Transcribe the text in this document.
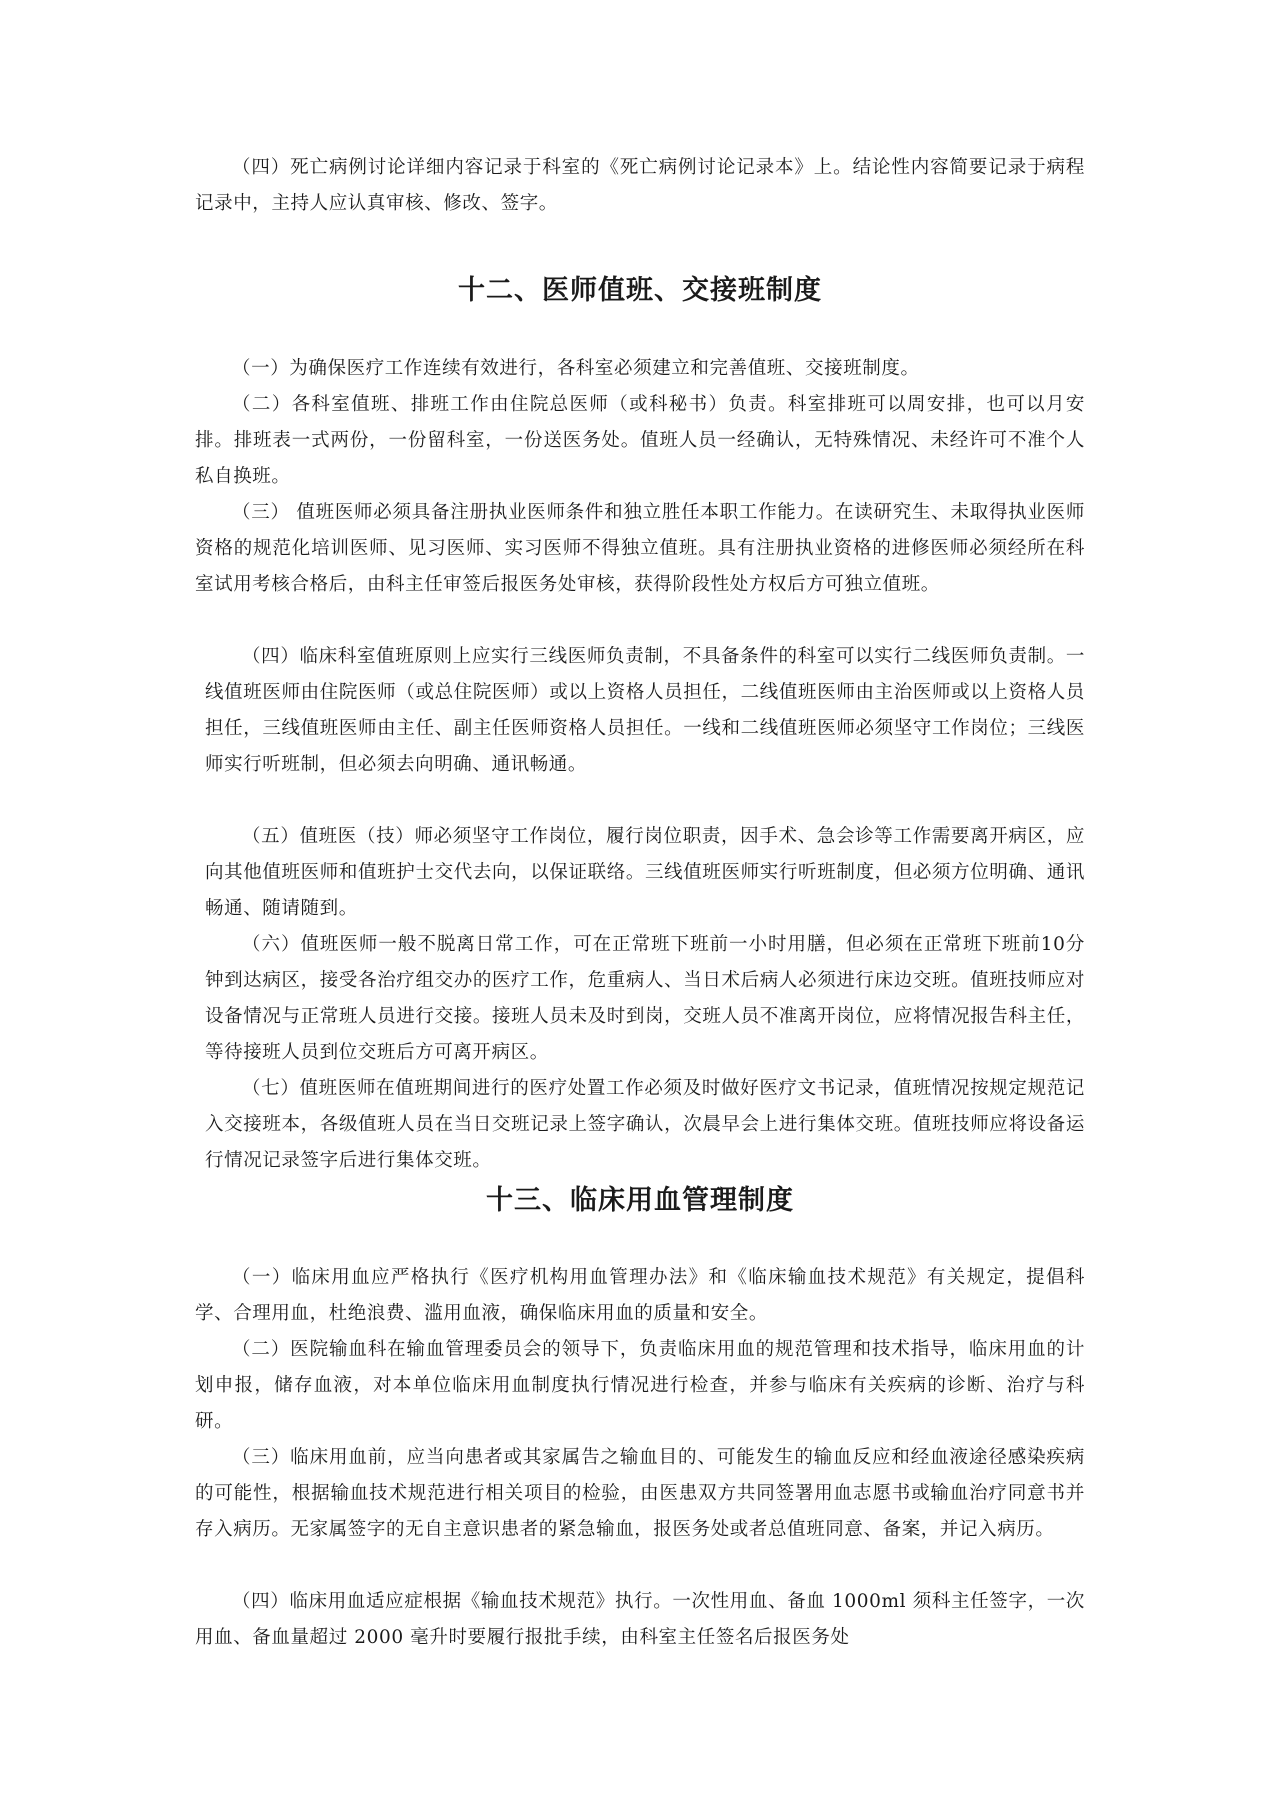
（四）死亡病例讨论详细内容记录于科室的《死亡病例讨论记录本》上。结论性内容简要记录于病程记录中，主持人应认真审核、修改、签字。

十二、医师值班、交接班制度

（一）为确保医疗工作连续有效进行，各科室必须建立和完善值班、交接班制度。

（二）各科室值班、排班工作由住院总医师（或科秘书）负责。科室排班可以周安排，也可以月安排。排班表一式两份，一份留科室，一份送医务处。值班人员一经确认，无特殊情况、未经许可不准个人私自换班。

（三） 值班医师必须具备注册执业医师条件和独立胜任本职工作能力。在读研究生、未取得执业医师资格的规范化培训医师、见习医师、实习医师不得独立值班。具有注册执业资格的进修医师必须经所在科室试用考核合格后，由科主任审签后报医务处审核，获得阶段性处方权后方可独立值班。

（四）临床科室值班原则上应实行三线医师负责制，不具备条件的科室可以实行二线医师负责制。一线值班医师由住院医师（或总住院医师）或以上资格人员担任，二线值班医师由主治医师或以上资格人员担任，三线值班医师由主任、副主任医师资格人员担任。一线和二线值班医师必须坚守工作岗位；三线医师实行听班制，但必须去向明确、通讯畅通。

（五）值班医（技）师必须坚守工作岗位，履行岗位职责，因手术、急会诊等工作需要离开病区，应向其他值班医师和值班护士交代去向，以保证联络。三线值班医师实行听班制度，但必须方位明确、通讯畅通、随请随到。

（六）值班医师一般不脱离日常工作，可在正常班下班前一小时用膳，但必须在正常班下班前10分钟到达病区，接受各治疗组交办的医疗工作，危重病人、当日术后病人必须进行床边交班。值班技师应对设备情况与正常班人员进行交接。接班人员未及时到岗，交班人员不准离开岗位，应将情况报告科主任，等待接班人员到位交班后方可离开病区。

（七）值班医师在值班期间进行的医疗处置工作必须及时做好医疗文书记录，值班情况按规定规范记入交接班本，各级值班人员在当日交班记录上签字确认，次晨早会上进行集体交班。值班技师应将设备运行情况记录签字后进行集体交班。

十三、临床用血管理制度

（一）临床用血应严格执行《医疗机构用血管理办法》和《临床输血技术规范》有关规定，提倡科学、合理用血，杜绝浪费、滥用血液，确保临床用血的质量和安全。

（二）医院输血科在输血管理委员会的领导下，负责临床用血的规范管理和技术指导，临床用血的计划申报，储存血液，对本单位临床用血制度执行情况进行检查，并参与临床有关疾病的诊断、治疗与科研。

（三）临床用血前，应当向患者或其家属告之输血目的、可能发生的输血反应和经血液途径感染疾病的可能性，根据输血技术规范进行相关项目的检验，由医患双方共同签署用血志愿书或输血治疗同意书并存入病历。无家属签字的无自主意识患者的紧急输血，报医务处或者总值班同意、备案，并记入病历。

（四）临床用血适应症根据《输血技术规范》执行。一次性用血、备血 1000ml 须科主任签字，一次用血、备血量超过 2000 毫升时要履行报批手续，由科室主任签名后报医务处
